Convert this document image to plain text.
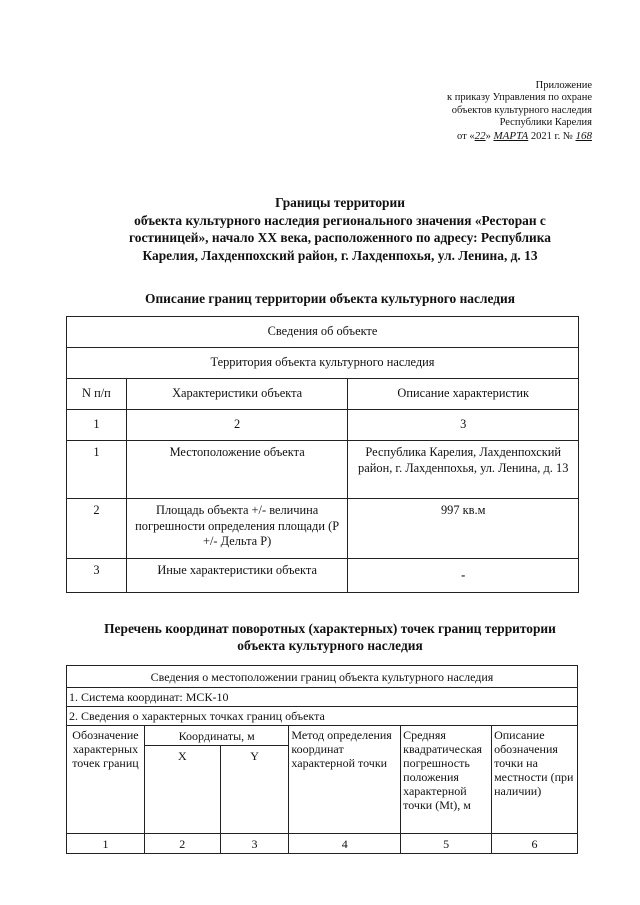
Приложение
к приказу Управления по охране
объектов культурного наследия
Республики Карелия
от «22» МАРТА 2021 г. № 168
Границы территории
объекта культурного наследия регионального значения «Ресторан с
гостиницей», начало XX века, расположенного по адресу: Республика
Карелия, Лахденпохский район, г. Лахденпохья, ул. Ленина, д. 13
Описание границ территории объекта культурного наследия
Сведения об объекте		
Территория объекта культурного наследия		
N п/п	Характеристики объекта	Описание характеристик
1	2	3
1	Местоположение объекта	Республика Карелия, Лахденпохский район, г. Лахденпохья, ул. Ленина, д. 13
2	Площадь объекта +/- величина погрешности определения площади (Р +/- Дельта Р)	997 кв.м
3	Иные характеристики объекта	-
Перечень координат поворотных (характерных) точек границ территории
объекта культурного наследия
Сведения о местоположении границ объекта культурного наследия					
1. Система координат: МСК-10					
2. Сведения о характерных точках границ объекта					
Обозначение характерных точек границ	Координаты, м		Метод определения координат характерной точки	Средняя квадратическая погрешность положения характерной точки (Mt), м	Описание обозначения точки на местности (при наличии)
	X	Y			
1	2	3	4	5	6
